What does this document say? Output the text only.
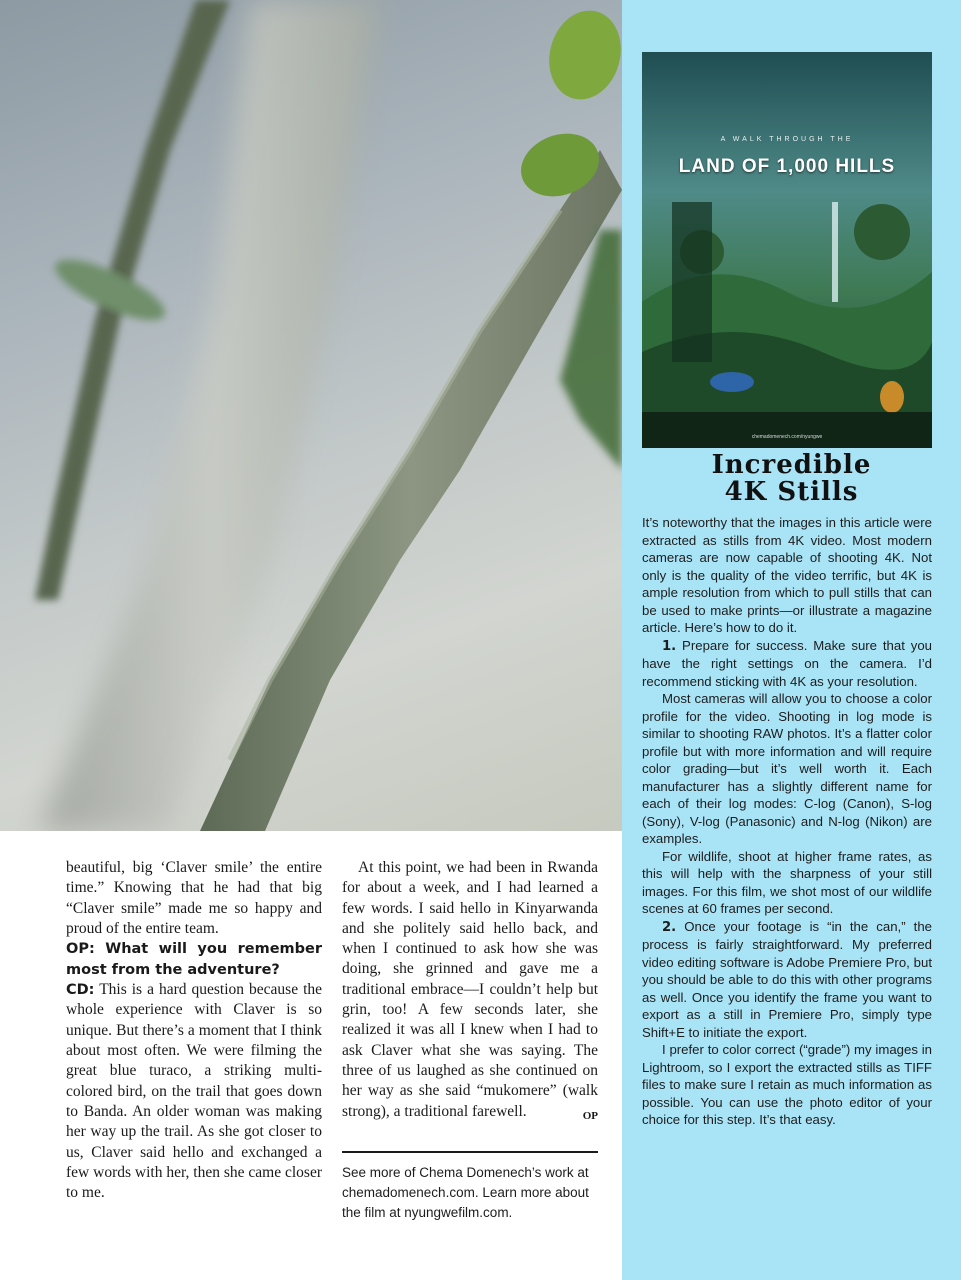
A WALK THROUGH THE
LAND OF 1,000 HILLS
chemadomenech.com/nyungwe
Incredible
4K Stills

It’s noteworthy that the images in this article were extracted as stills from 4K video. Most modern cameras are now capable of shooting 4K. Not only is the quality of the video terrific, but 4K is ample resolution from which to pull stills that can be used to make prints—or illustrate a magazine article. Here’s how to do it.

1. Prepare for success. Make sure that you have the right settings on the camera. I’d recommend sticking with 4K as your resolution.

Most cameras will allow you to choose a color profile for the video. Shooting in log mode is similar to shooting RAW photos. It’s a flatter color profile but with more information and will require color grading—but it’s well worth it. Each manufacturer has a slightly different name for each of their log modes: C-log (Canon), S-log (Sony), V-log (Panasonic) and N-log (Nikon) are examples.

For wildlife, shoot at higher frame rates, as this will help with the sharpness of your still images. For this film, we shot most of our wildlife scenes at 60 frames per second.

2. Once your footage is “in the can,” the process is fairly straightforward. My preferred video editing software is Adobe Premiere Pro, but you should be able to do this with other programs as well. Once you identify the frame you want to export as a still in Premiere Pro, simply type Shift+E to initiate the export.

I prefer to color correct (“grade”) my images in Lightroom, so I export the extracted stills as TIFF files to make sure I retain as much information as possible. You can use the photo editor of your choice for this step. It’s that easy.

beautiful, big ‘Claver smile’ the entire time.” Knowing that he had that big “Claver smile” made me so happy and proud of the entire team.

OP: What will you remember most from the adventure?

CD: This is a hard question because the whole experience with Claver is so unique. But there’s a moment that I think about most often. We were filming the great blue turaco, a striking multi-colored bird, on the trail that goes down to Banda. An older woman was making her way up the trail. As she got closer to us, Claver said hello and exchanged a few words with her, then she came closer to me.

At this point, we had been in Rwanda for about a week, and I had learned a few words. I said hello in Kinyarwanda and she politely said hello back, and when I continued to ask how she was doing, she grinned and gave me a traditional embrace—I couldn’t help but grin, too! A few seconds later, she realized it was all I knew when I had to ask Claver what she was saying. The three of us laughed as she continued on her way as she said “mukomere” (walk strong), a traditional farewell.	OP

See more of Chema Domenech’s work at chemadomenech.com. Learn more about the film at nyungwefilm.com.
